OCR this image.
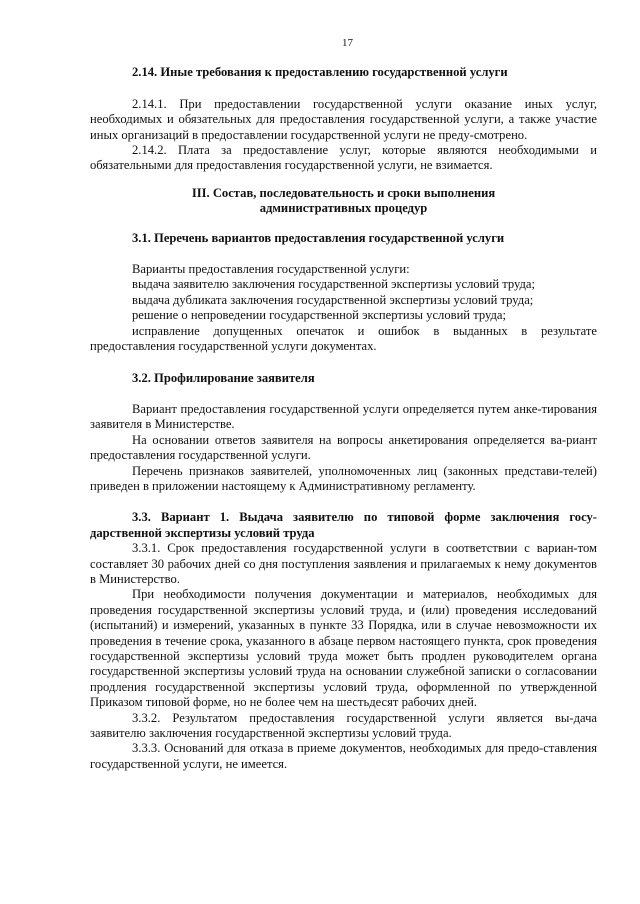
17
2.14. Иные требования к предоставлению государственной услуги

2.14.1. При предоставлении государственной услуги оказание иных услуг, необходимых и обязательных для предоставления государственной услуги, а также участие иных организаций в предоставлении государственной услуги не преду-смотрено.

2.14.2. Плата за предоставление услуг, которые являются необходимыми и обязательными для предоставления государственной услуги, не взимается.

III. Состав, последовательность и сроки выполнения
административных процедур
3.1. Перечень вариантов предоставления государственной услуги

Варианты предоставления государственной услуги:

выдача заявителю заключения государственной экспертизы условий труда;

выдача дубликата заключения государственной экспертизы условий труда;

решение о непроведении государственной экспертизы условий труда;

исправление допущенных опечаток и ошибок в выданных в результате предоставления государственной услуги документах.

3.2. Профилирование заявителя

Вариант предоставления государственной услуги определяется путем анке-тирования заявителя в Министерстве.

На основании ответов заявителя на вопросы анкетирования определяется ва-риант предоставления государственной услуги.

Перечень признаков заявителей, уполномоченных лиц (законных представи-телей) приведен в приложении настоящему к Административному регламенту.

3.3. Вариант 1. Выдача заявителю по типовой форме заключения госу-дарственной экспертизы условий труда

3.3.1. Срок предоставления государственной услуги в соответствии с вариан-том составляет 30 рабочих дней со дня поступления заявления и прилагаемых к нему документов в Министерство.

При необходимости получения документации и материалов, необходимых для проведения государственной экспертизы условий труда, и (или) проведения исследований (испытаний) и измерений, указанных в пункте 33 Порядка, или в случае невозможности их проведения в течение срока, указанного в абзаце первом настоящего пункта, срок проведения государственной экспертизы условий труда может быть продлен руководителем органа государственной экспертизы условий труда на основании служебной записки о согласовании продления государственной экспертизы условий труда, оформленной по утвержденной Приказом типовой форме, но не более чем на шестьдесят рабочих дней.

3.3.2. Результатом предоставления государственной услуги является вы-дача заявителю заключения государственной экспертизы условий труда.

3.3.3. Оснований для отказа в приеме документов, необходимых для предо-ставления государственной услуги, не имеется.
